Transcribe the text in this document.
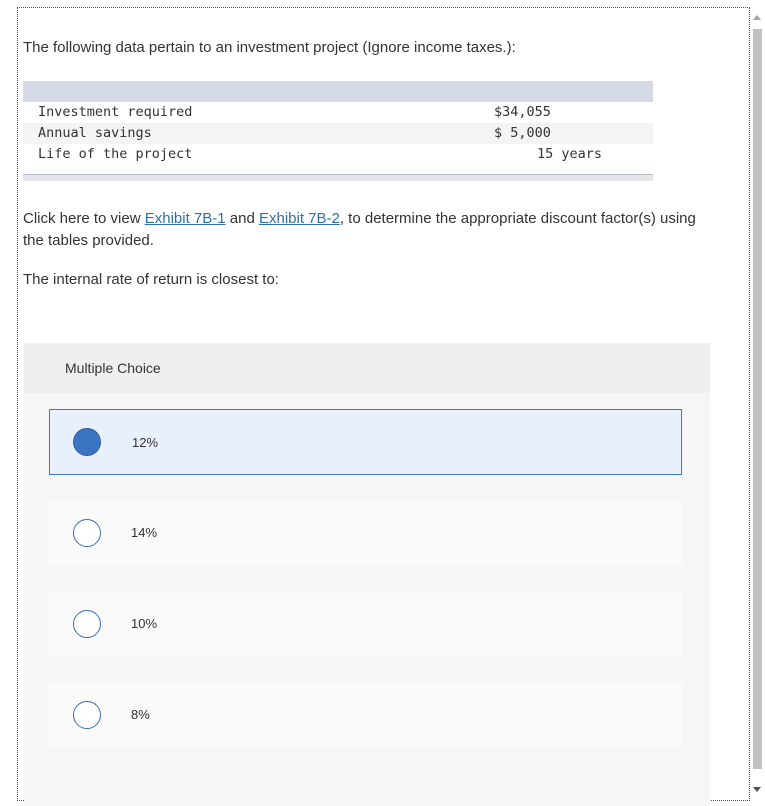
The following data pertain to an investment project (Ignore income taxes.):
Investment required	$34,055
Annual savings	$ 5,000
Life of the project	15 years
Click here to view Exhibit 7B-1 and Exhibit 7B-2, to determine the appropriate discount factor(s) using the tables provided.
The internal rate of return is closest to:
Multiple Choice
12%
14%
10%
8%
